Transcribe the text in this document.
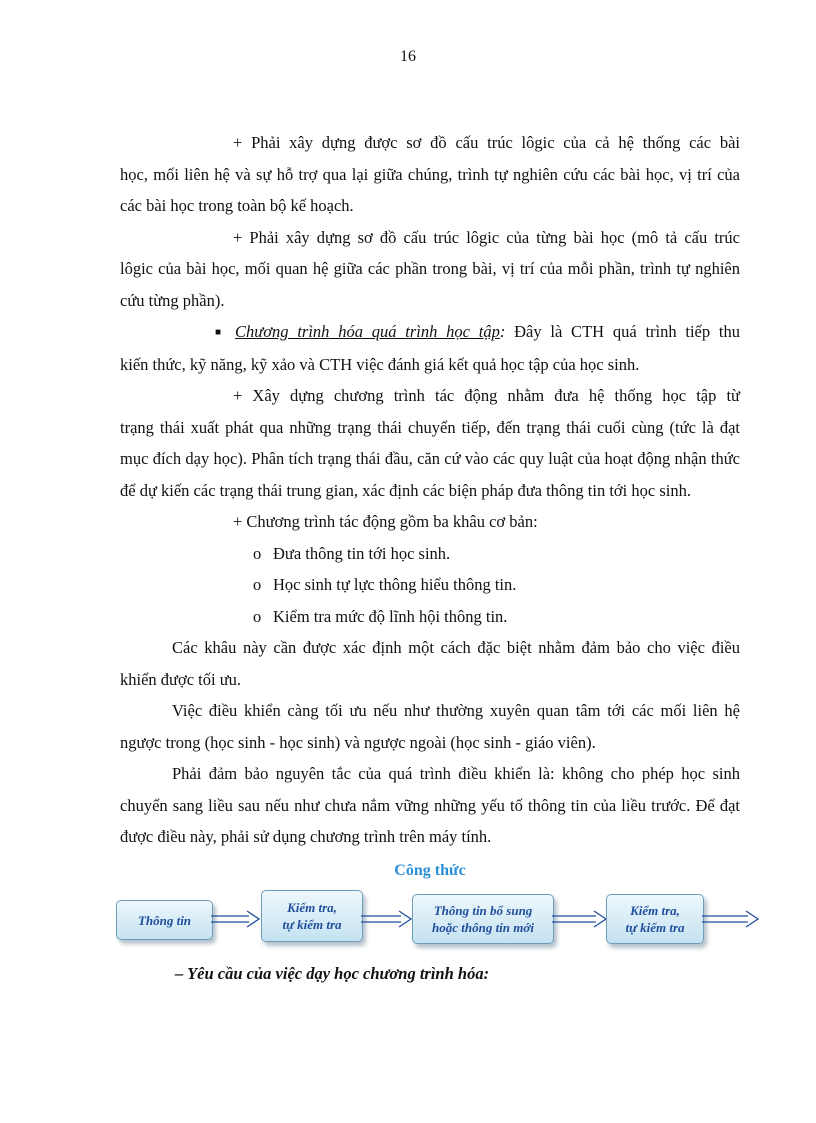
16

+ Phải xây dựng được sơ đồ cấu trúc lôgic của cả hệ thống các bài

học, mối liên hệ và sự hỗ trợ qua lại giữa chúng, trình tự nghiên cứu các bài học, vị trí của các bài học trong toàn bộ kế hoạch.

+ Phải xây dựng sơ đồ cấu trúc lôgic của từng bài học (mô tả cấu trúc

lôgic của bài học, mối quan hệ giữa các phần trong bài, vị trí của mỗi phần, trình tự nghiên cứu từng phần).

■ Chương trình hóa quá trình học tập: Đây là CTH quá trình tiếp thu

kiến thức, kỹ năng, kỹ xảo và CTH việc đánh giá kết quả học tập của học sinh.

+ Xây dựng chương trình tác động nhằm đưa hệ thống học tập từ

trạng thái xuất phát qua những trạng thái chuyển tiếp, đến trạng thái cuối cùng (tức là đạt mục đích dạy học). Phân tích trạng thái đầu, căn cứ vào các quy luật của hoạt động nhận thức để dự kiến các trạng thái trung gian, xác định các biện pháp đưa thông tin tới học sinh.

+ Chương trình tác động gồm ba khâu cơ bản:

o Đưa thông tin tới học sinh.

o Học sinh tự lực thông hiểu thông tin.

o Kiểm tra mức độ lĩnh hội thông tin.

Các khâu này cần được xác định một cách đặc biệt nhằm đảm bảo cho việc điều khiển được tối ưu.

Việc điều khiển càng tối ưu nếu như thường xuyên quan tâm tới các mối liên hệ ngược trong (học sinh - học sinh) và ngược ngoài (học sinh - giáo viên).

Phải đảm bảo nguyên tắc của quá trình điều khiển là: không cho phép học sinh chuyển sang liều sau nếu như chưa nắm vững những yếu tố thông tin của liều trước. Để đạt được điều này, phải sử dụng chương trình trên máy tính.

Công thức

Thông tin
Kiểm tra,
tự kiểm tra
Thông tin bổ sung
hoặc thông tin mới
Kiểm tra,
tự kiểm tra
– Yêu cầu của việc dạy học chương trình hóa:
